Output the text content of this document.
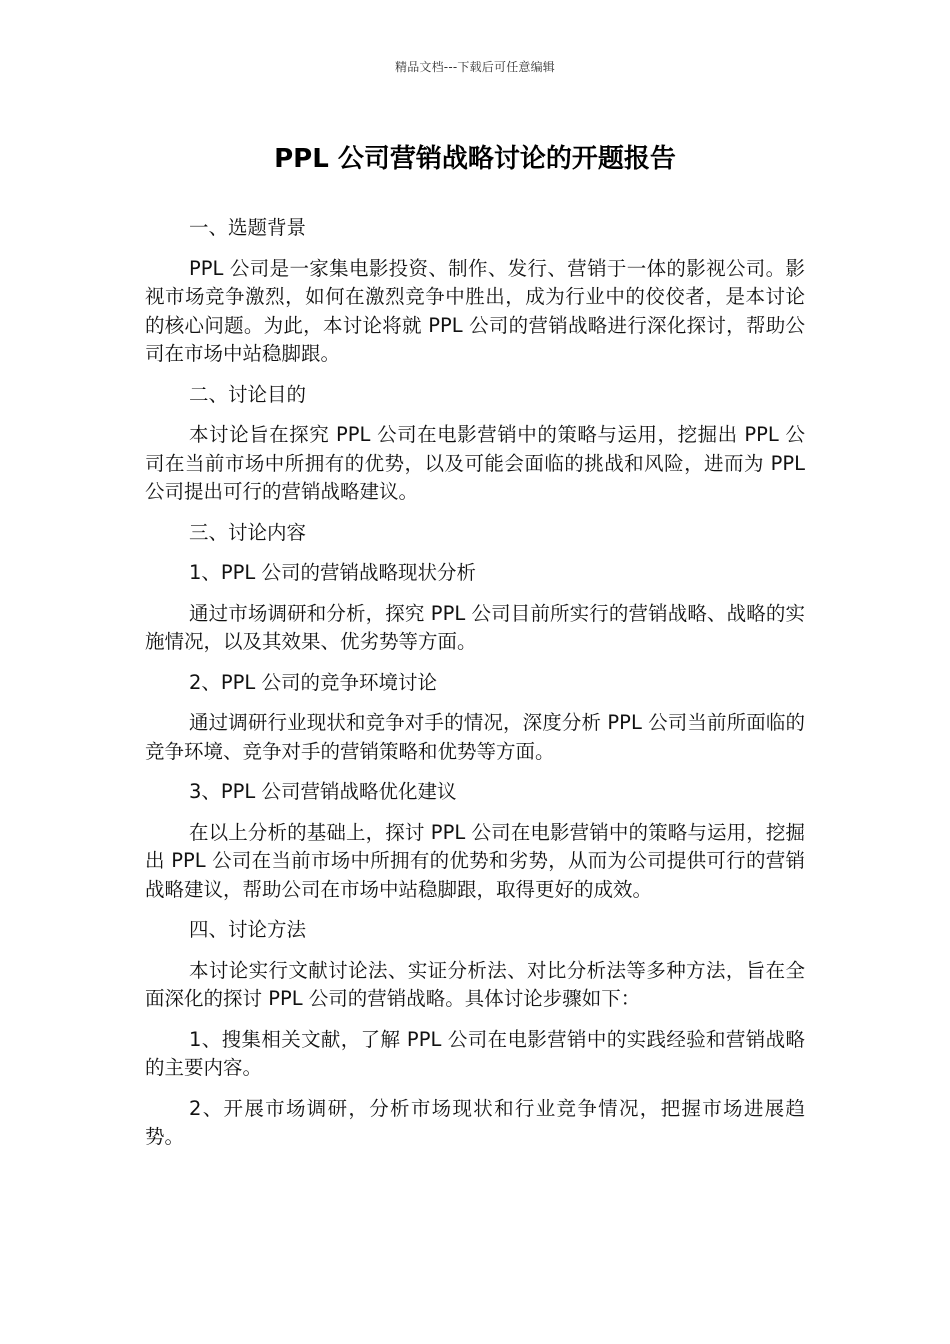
精品文档---下载后可任意编辑
PPL 公司营销战略讨论的开题报告

一、选题背景

PPL 公司是一家集电影投资、制作、发行、营销于一体的影视公司。影视市场竞争激烈，如何在激烈竞争中胜出，成为行业中的佼佼者，是本讨论的核心问题。为此，本讨论将就 PPL 公司的营销战略进行深化探讨，帮助公司在市场中站稳脚跟。

二、讨论目的

本讨论旨在探究 PPL 公司在电影营销中的策略与运用，挖掘出 PPL 公司在当前市场中所拥有的优势，以及可能会面临的挑战和风险，进而为 PPL 公司提出可行的营销战略建议。

三、讨论内容

1、PPL 公司的营销战略现状分析

通过市场调研和分析，探究 PPL 公司目前所实行的营销战略、战略的实施情况，以及其效果、优劣势等方面。

2、PPL 公司的竞争环境讨论

通过调研行业现状和竞争对手的情况，深度分析 PPL 公司当前所面临的竞争环境、竞争对手的营销策略和优势等方面。

3、PPL 公司营销战略优化建议

在以上分析的基础上，探讨 PPL 公司在电影营销中的策略与运用，挖掘出 PPL 公司在当前市场中所拥有的优势和劣势，从而为公司提供可行的营销战略建议，帮助公司在市场中站稳脚跟，取得更好的成效。

四、讨论方法

本讨论实行文献讨论法、实证分析法、对比分析法等多种方法，旨在全面深化的探讨 PPL 公司的营销战略。具体讨论步骤如下：

1、搜集相关文献，了解 PPL 公司在电影营销中的实践经验和营销战略的主要内容。

2、开展市场调研，分析市场现状和行业竞争情况，把握市场进展趋势。
